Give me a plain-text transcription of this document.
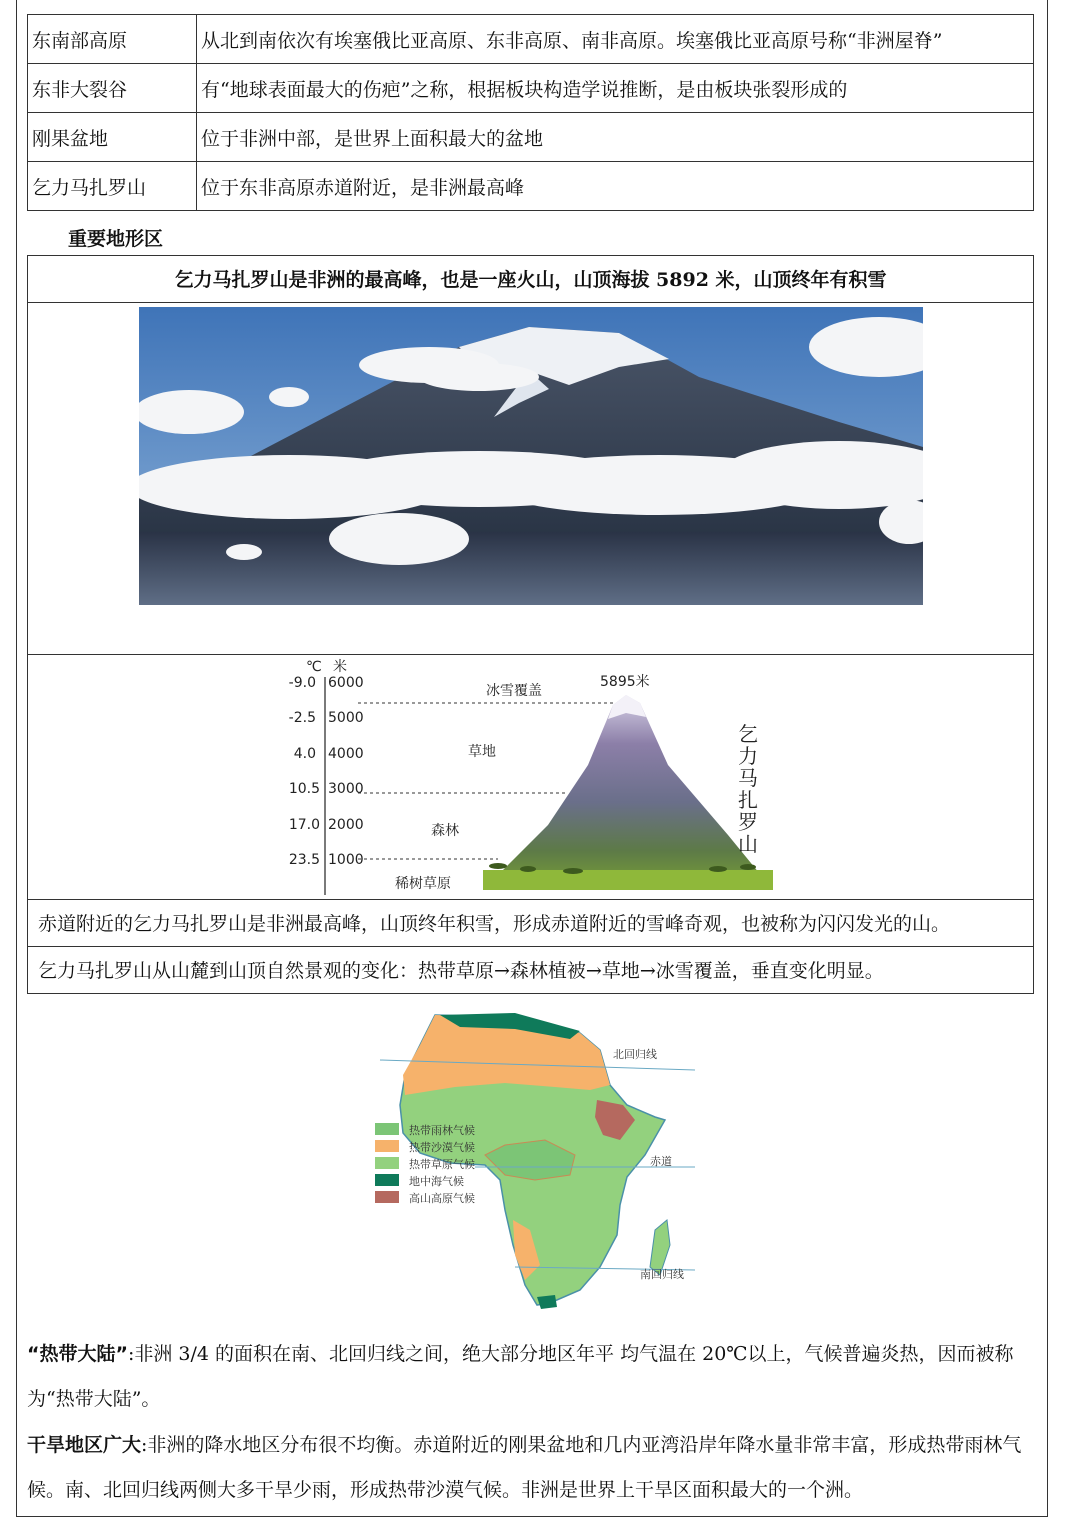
东南部高原	从北到南依次有埃塞俄比亚高原、东非高原、南非高原。埃塞俄比亚高原号称“非洲屋脊”
东非大裂谷	有“地球表面最大的伤疤”之称，根据板块构造学说推断，是由板块张裂形成的
刚果盆地	位于非洲中部，是世界上面积最大的盆地
乞力马扎罗山	位于东非高原赤道附近，是非洲最高峰
重要地形区
乞力马扎罗山是非洲的最高峰，也是一座火山，山顶海拔 5892 米，山顶终年有积雪
℃ 米
-9.0
-2.5
4.0
10.5
17.0
23.5
6000
5000
4000
3000
2000
1000
冰雪覆盖
草地
森林
稀树草原
5895米
乞
力
马
扎
罗
山
赤道附近的乞力马扎罗山是非洲最高峰，山顶终年积雪，形成赤道附近的雪峰奇观，也被称为闪闪发光的山。
乞力马扎罗山从山麓到山顶自然景观的变化：热带草原→森林植被→草地→冰雪覆盖，垂直变化明显。
北回归线
赤道
南回归线
热带雨林气候
热带沙漠气候
热带草原气候
地中海气候
高山高原气候
“热带大陆”:非洲 3/4 的面积在南、北回归线之间，绝大部分地区年平 均气温在 20℃以上，气候普遍炎热，因而被称为“热带大陆”。
干旱地区广大:非洲的降水地区分布很不均衡。赤道附近的刚果盆地和几内亚湾沿岸年降水量非常丰富，形成热带雨林气候。南、北回归线两侧大多干旱少雨，形成热带沙漠气候。非洲是世界上干旱区面积最大的一个洲。
